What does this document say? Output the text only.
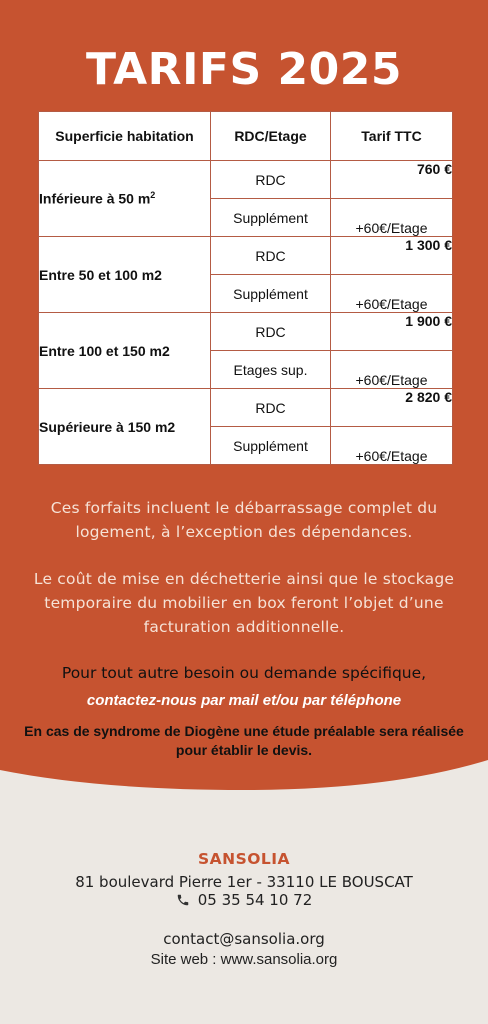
TARIFS 2025
Superficie habitation	RDC/Etage	Tarif TTC
Inférieure à 50 $m^2$	RDC	760 €
	Supplément	+60€/Etage
Entre 50 et 100 m2	RDC	1 300 €
	Supplément	+60€/Etage
Entre 100 et 150 m2	RDC	1 900 €
	Etages sup.	+60€/Etage
Supérieure à 150 m2	RDC	2 820 €
	Supplément	+60€/Etage
Ces forfaits incluent le débarrassage complet du logement, à l’exception des dépendances.
Le coût de mise en déchetterie ainsi que le stockage temporaire du mobilier en box feront l’objet d’une facturation additionnelle.
Pour tout autre besoin ou demande spécifique,
contactez-nous par mail et/ou par téléphone
En cas de syndrome de Diogène une étude préalable sera réalisée pour établir le devis.
SANSOLIA
81 boulevard Pierre 1er - 33110 LE BOUSCAT
05 35 54 10 72
contact@sansolia.org
Site web : www.sansolia.org
